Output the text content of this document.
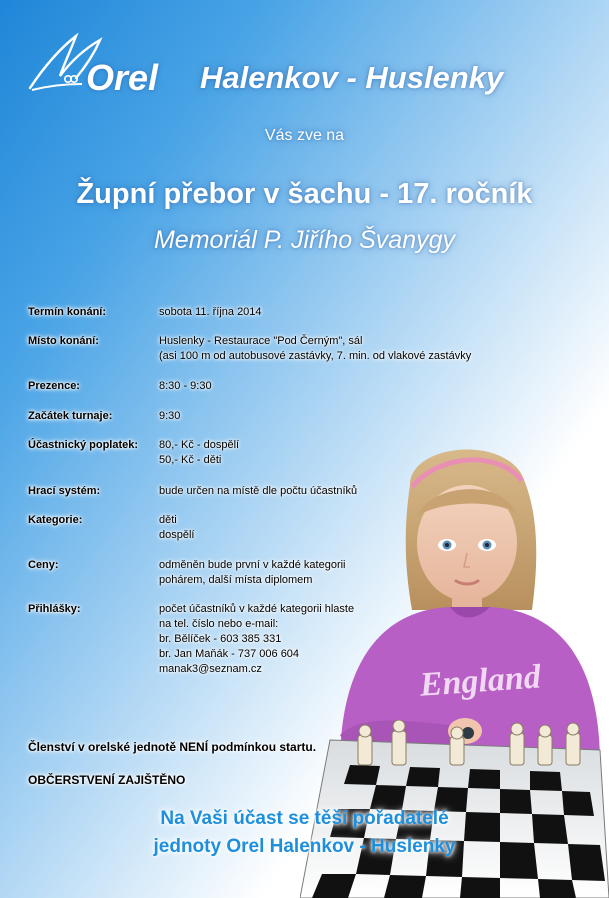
Orel Halenkov - Huslenky
Vás zve na
Župní přebor v šachu - 17. ročník
Memoriál P. Jiřího Švanygy
England
Termín konání:	sobota 11. října 2014
Místo konání:	Huslenky - Restaurace "Pod Černým", sál
(asi 100 m od autobusové zastávky, 7. min. od vlakové zastávky
Prezence:	8:30 - 9:30
Začátek turnaje:	9:30
Účastnický poplatek: 80,- Kč - dospělí
50,- Kč - děti
Hrací systém:	bude určen na místě dle počtu účastníků
Kategorie:	děti
dospělí
Ceny:	odměněn bude první v každé kategorii
pohárem, další místa diplomem
Přihlášky:	počet účastníků v každé kategorii hlaste
na tel. číslo nebo e-mail:
br. Bělíček - 603 385 331
br. Jan Maňák - 737 006 604
manak3@seznam.cz
Členství v orelské jednotě NENÍ podmínkou startu.
OBČERSTVENÍ ZAJIŠTĚNO
Na Vaši účast se těší pořadatelé
jednoty Orel Halenkov - Huslenky
